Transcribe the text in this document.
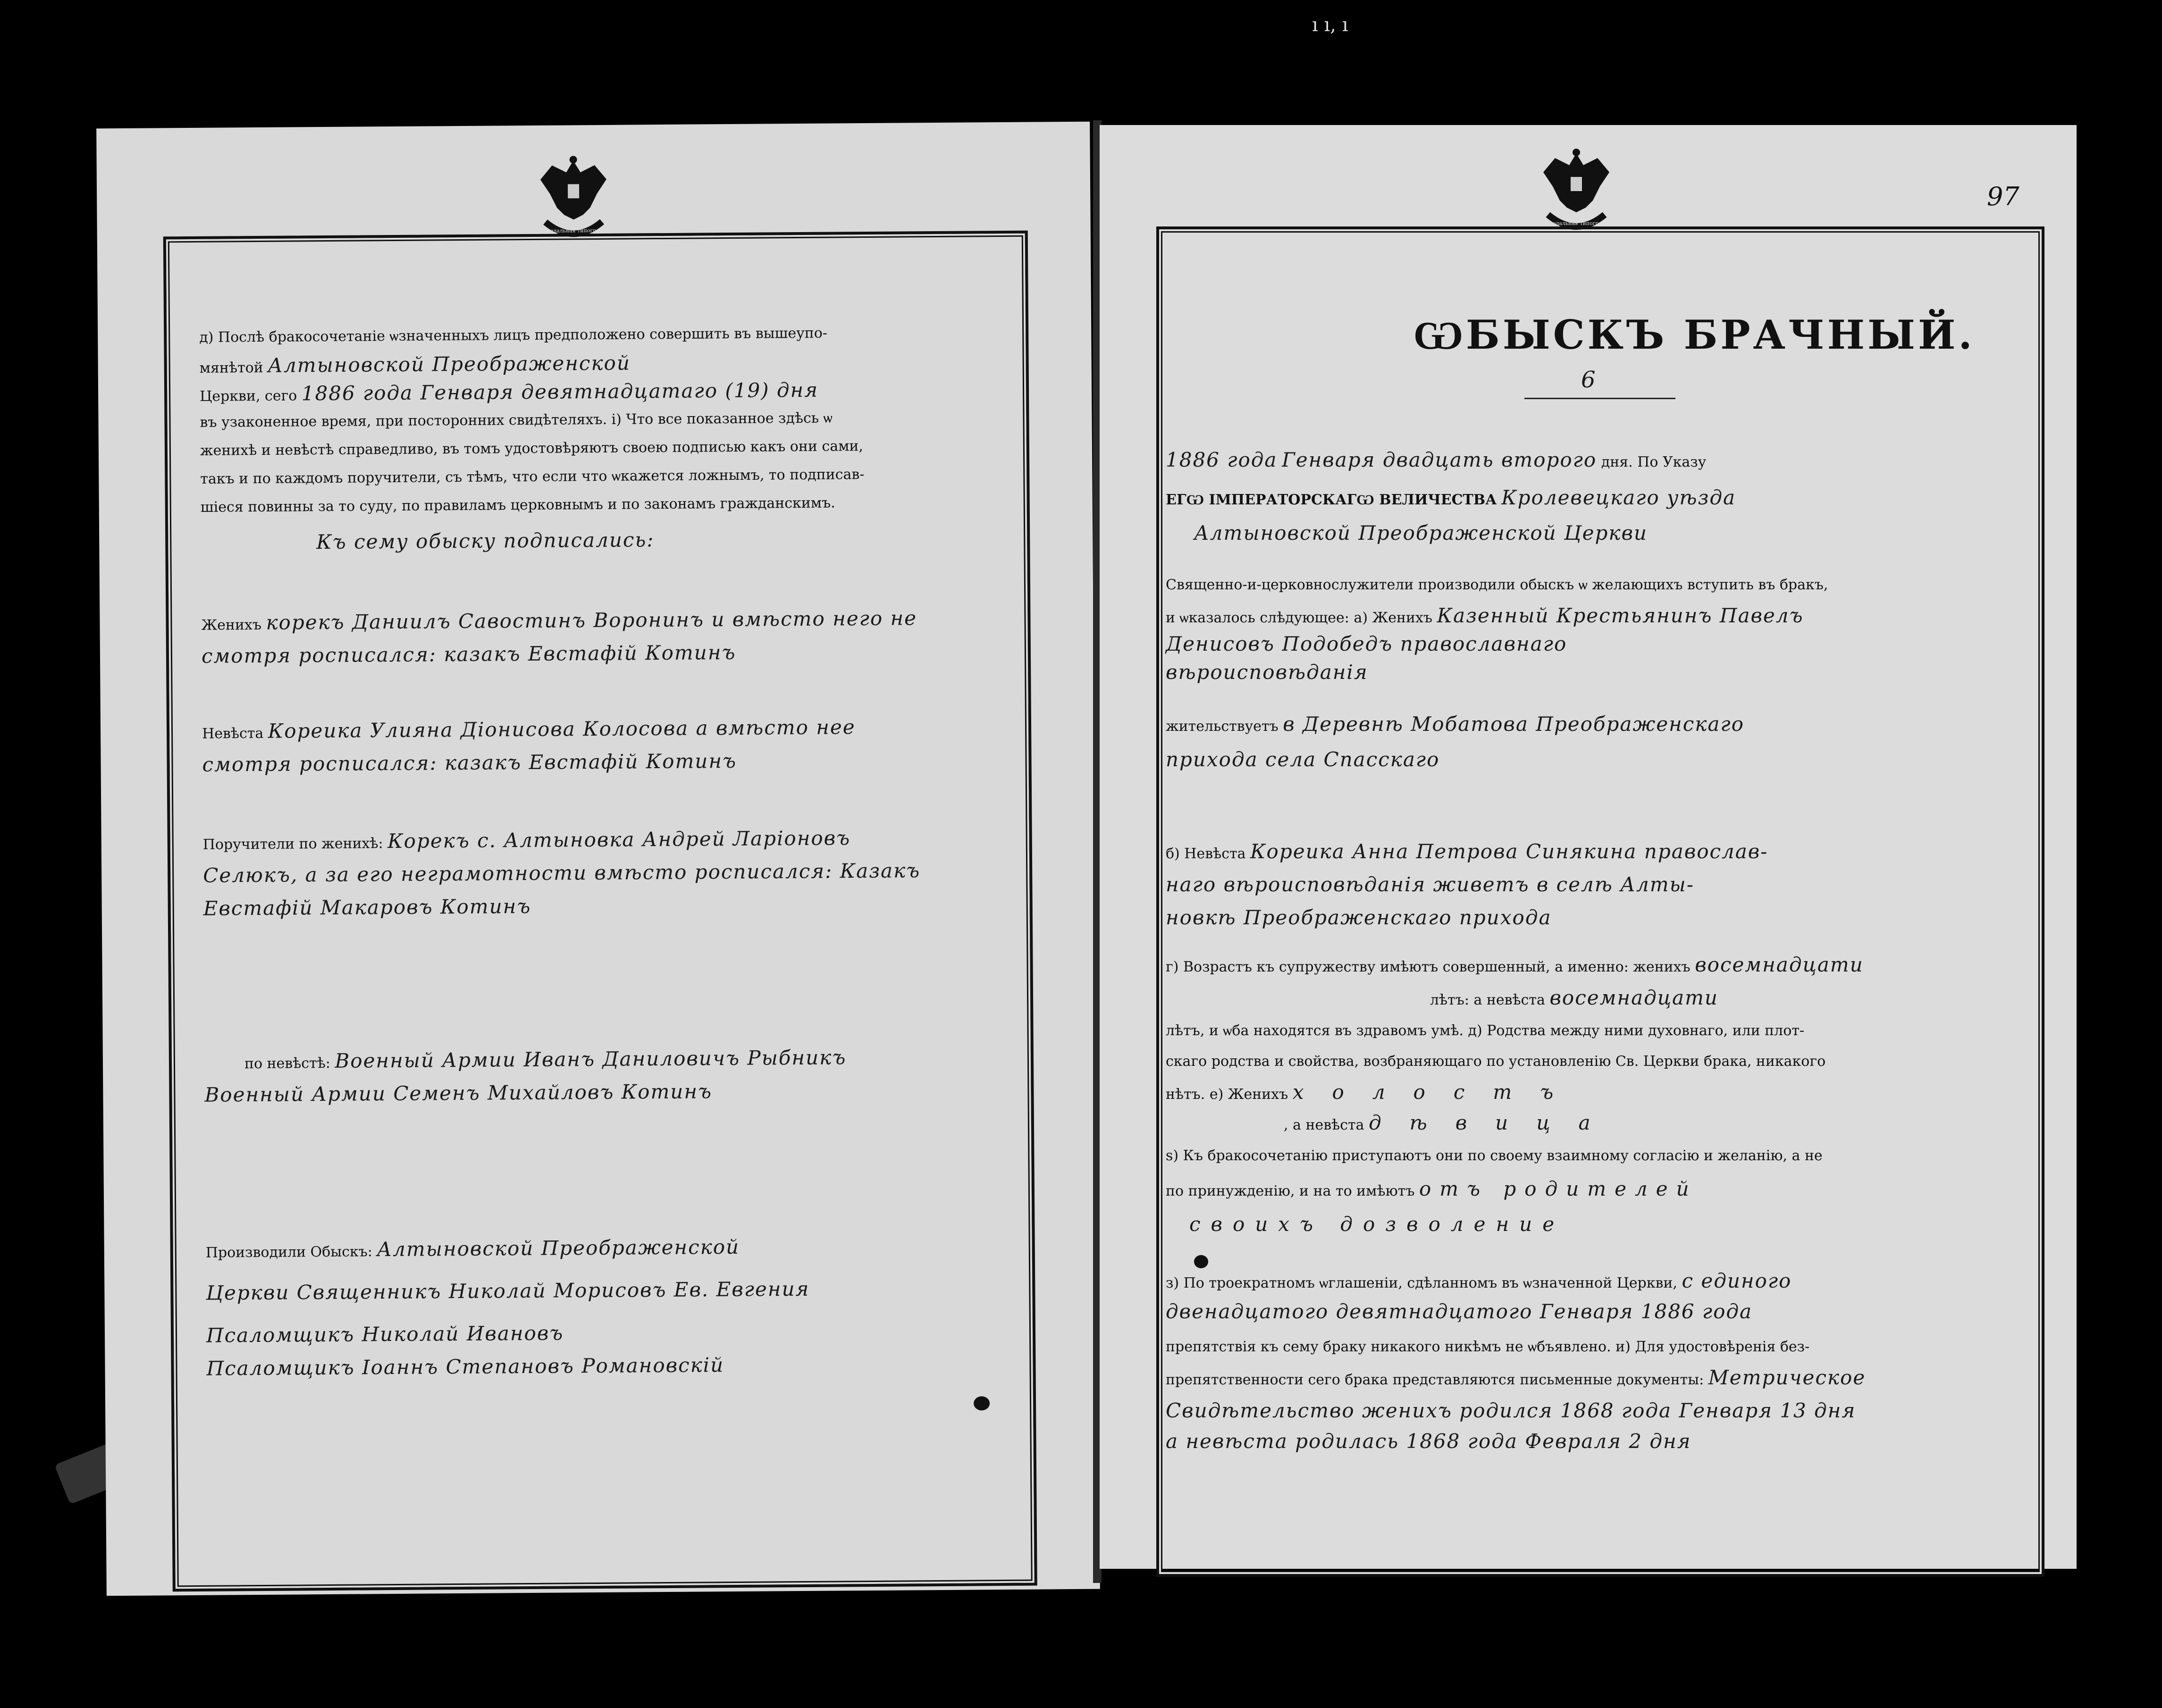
ı ı, ı
Сѵнодальная типографія
д) Послѣ бракосочетаніе ѡзначенныхъ лицъ предположено совершить въ вышеупо-
мянѣтой Алтыновской Преображенской
Церкви, сего 1886 года Генваря девятнадцатаго (19) дня
въ узаконенное время, при посторонних свидѣтеляхъ. і) Что все показанное здѣсь ѡ
женихѣ и невѣстѣ справедливо, въ томъ удостовѣряютъ своею подписью какъ они сами,
такъ и по каждомъ поручители, съ тѣмъ, что если что ѡкажется ложнымъ, то подписав-
шіеся повинны за то суду, по правиламъ церковнымъ и по законамъ гражданскимъ.
Къ сему обыску подписались:
Женихъ корекъ Даниилъ Савостинъ Воронинъ и вмѣсто него не
смотря роспиcался: казакъ Евстафій Котинъ
Невѣста Кореика Улияна Діонисова Колосова а вмѣсто неe
смотря росписался: казакъ Евстафій Котинъ
Поручители по женихѣ: Корекъ с. Алтыновка Андрей Ларіоновъ
Селюкъ, а за его неграмотности вмѣсто росписался: Казакъ
Евстафій Макаровъ Котинъ
по невѣстѣ: Военный Армии Иванъ Даниловичъ Рыбникъ
Военный Армии Семенъ Михайловъ Котинъ
Производили Обыскъ: Алтыновской Преображенской
Церкви Священникъ Николай Морисовъ Ев. Евгения
Псаломщикъ Николай Ивановъ
Псаломщикъ Іоаннъ Степановъ Романовскій
97
Сѵнодальная типографія
ѠБЫСКЪ БРАЧНЫЙ.
6
1886 года Генваря двадцать второго дня. По Указу
ЕГѠ ІМПЕРАТОРСКАГѠ ВЕЛИЧЕСТВА Кролевецкаго уѣзда
Алтыновской Преображенской Церкви
Священно-и-церковнослужители производили обыскъ ѡ желающихъ вступить въ бракъ,
и ѡказалось слѣдующее: а) Женихъ Казенный Крестьянинъ Павелъ
Денисовъ Подобедъ православнаго
вѣроисповѣданія
жительствуетъ в Деревнѣ Мобатова Преображенскаго
прихода села Спасскаго
б) Невѣста Кореика Анна Петрова Синякина православ-
наго вѣроисповѣданія живетъ в селѣ Алты-
новкѣ Преображенскаго прихода
г) Возрастъ къ супружеству имѣютъ совершенный, а именно: женихъ восемнадцати
лѣтъ: а невѣста восемнадцати
лѣтъ, и ѡба находятся въ здравомъ умѣ. д) Родства между ними духовнаго, или плот-
скаго родства и свойства, возбраняющаго по установленію Св. Церкви брака, никакого
нѣтъ. е) Женихъ холостъ
, а невѣста дѣвица
ѕ) Къ бракосочетанію приступаютъ они по своему взаимному согласію и желанію, а не
по принужденію, и на то имѣютъ отъ родителей
своихъ дозволение
з) По троекратномъ ѡглашеніи, сдѣланномъ въ ѡзначенной Церкви, с единого
двенадцатого девятнадцатого Генваря 1886 года
препятствія къ сему браку никакого никѣмъ не ѡбъявлено. и) Для удостовѣренія без-
препятственности сего брака представляются письменные документы: Метрическое
Свидѣтельство женихъ родился 1868 года Генваря 13 дня
а невѣста родилась 1868 года Февраля 2 дня
